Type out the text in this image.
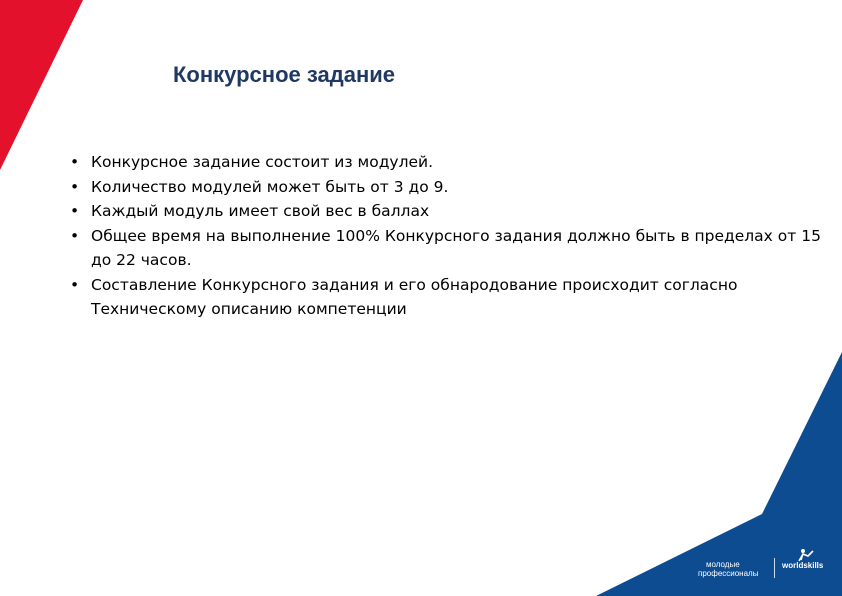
Конкурсное задание
• Конкурсное задание состоит из модулей.
• Количество модулей может быть от 3 до 9.
• Каждый модуль имеет свой вес в баллах
• Общее время на выполнение 100% Конкурсного задания должно быть в пределах от 15 до 22 часов.
• Составление Конкурсного задания и его обнародование происходит согласно Техническому описанию компетенции
молодые
профессионалы
worldskills
